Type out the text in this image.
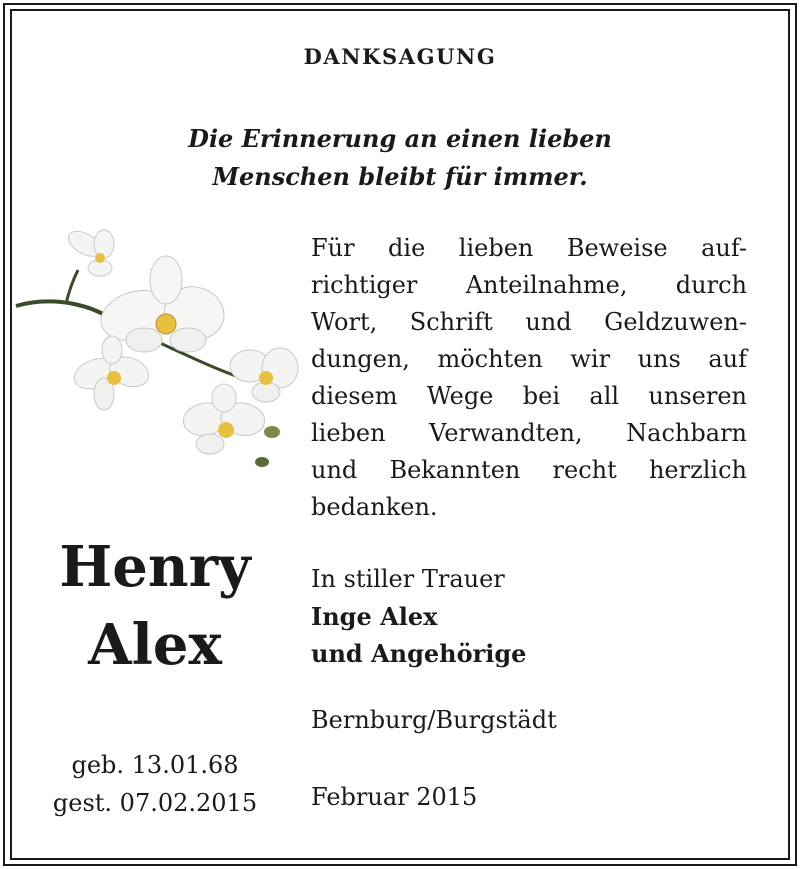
DANKSAGUNG
Die Erinnerung an einen lieben
Menschen bleibt für immer.
Für die lieben Beweise auf-
richtiger Anteilnahme, durch
Wort, Schrift und Geldzuwen-
dungen, möchten wir uns auf
diesem Wege bei all unseren
lieben Verwandten, Nachbarn
und Bekannten recht herzlich
bedanken.
Henry
Alex
In stiller Trauer
Inge Alex
und Angehörige
Bernburg/Burgstädt
geb. 13.01.68
gest. 07.02.2015	Februar 2015
